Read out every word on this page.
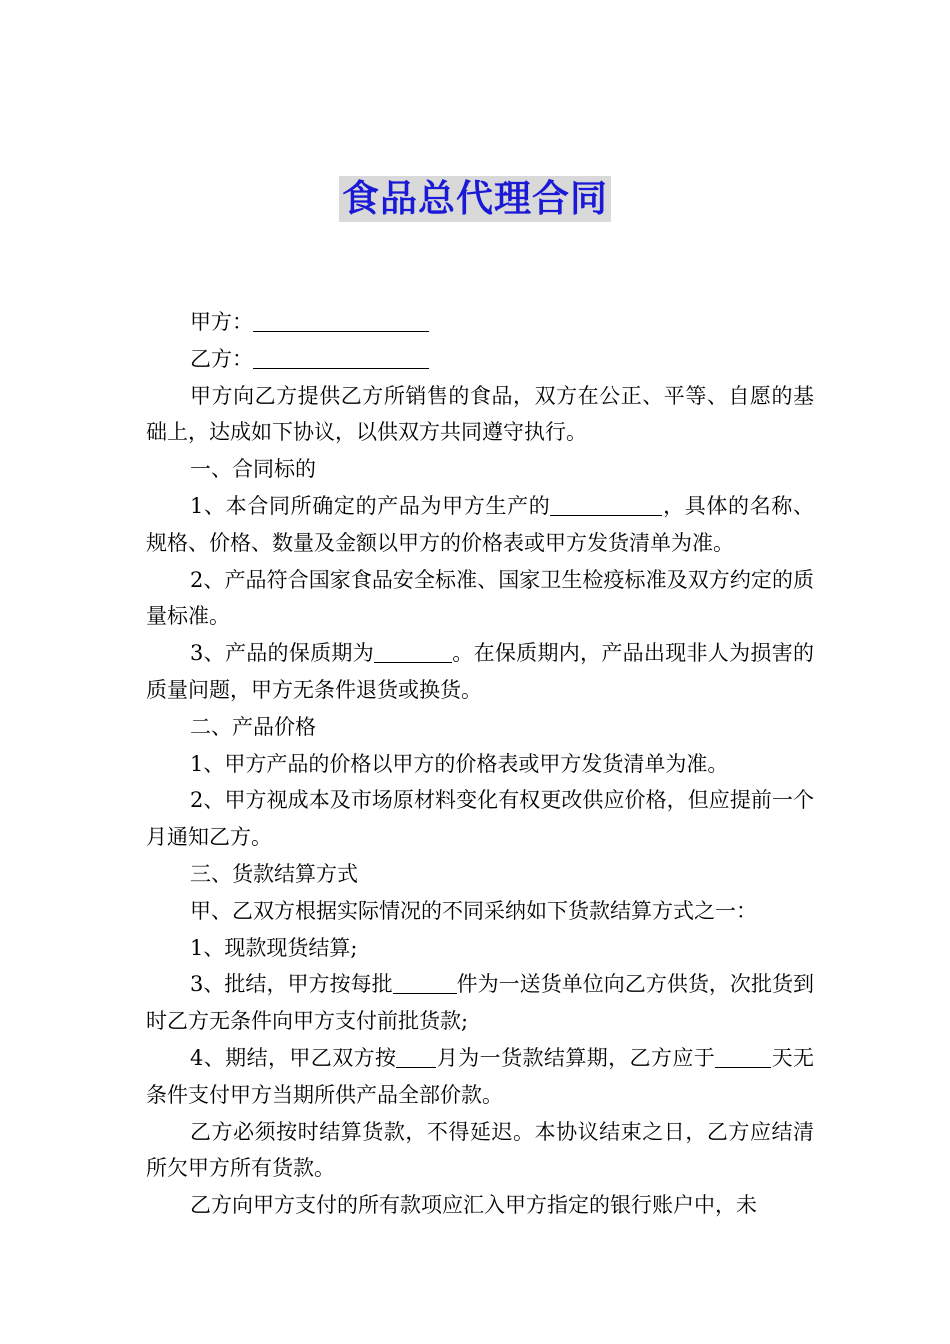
食品总代理合同

甲方：

乙方：

甲方向乙方提供乙方所销售的食品，双方在公正、平等、自愿的基础上，达成如下协议，以供双方共同遵守执行。

一、合同标的

1、本合同所确定的产品为甲方生产的	，具体的名称、规格、价格、数量及金额以甲方的价格表或甲方发货清单为准。

2、产品符合国家食品安全标准、国家卫生检疫标准及双方约定的质量标准。

3、产品的保质期为	。在保质期内，产品出现非人为损害的质量问题，甲方无条件退货或换货。

二、产品价格

1、甲方产品的价格以甲方的价格表或甲方发货清单为准。

2、甲方视成本及市场原材料变化有权更改供应价格，但应提前一个月通知乙方。

三、货款结算方式

甲、乙双方根据实际情况的不同采纳如下货款结算方式之一：

1、现款现货结算;

3、批结，甲方按每批	件为一送货单位向乙方供货，次批货到时乙方无条件向甲方支付前批货款;

4、期结，甲乙双方按 月为一货款结算期，乙方应于	天无条件支付甲方当期所供产品全部价款。

乙方必须按时结算货款，不得延迟。本协议结束之日，乙方应结清所欠甲方所有货款。

乙方向甲方支付的所有款项应汇入甲方指定的银行账户中，未
